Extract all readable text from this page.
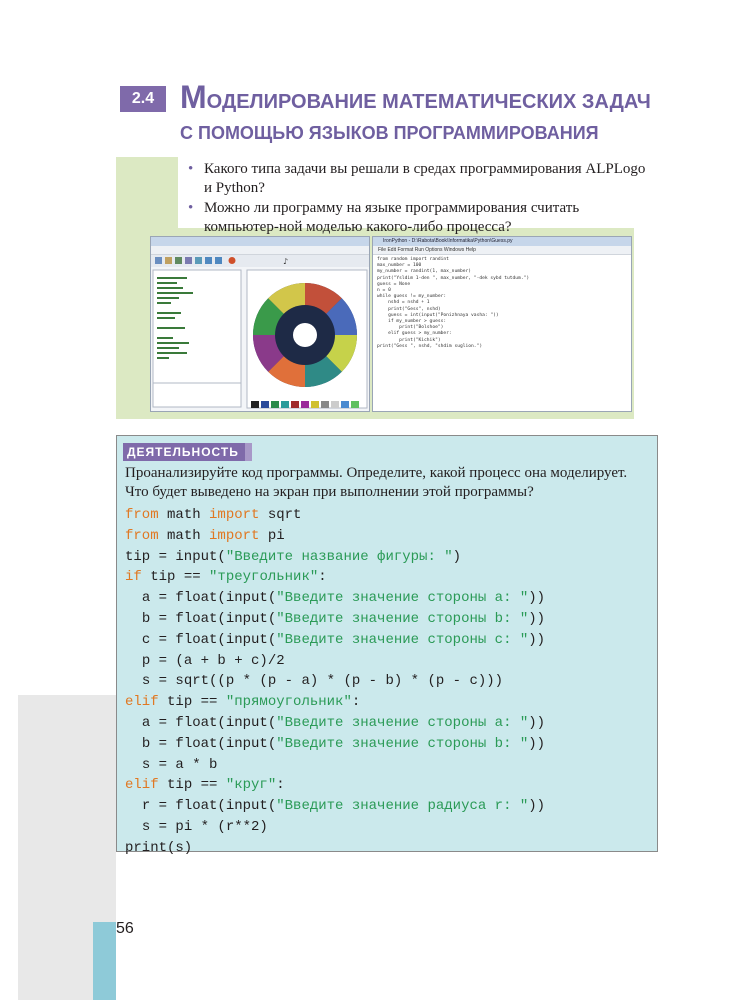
2.4 МОДЕЛИРОВАНИЕ МАТЕМАТИЧЕСКИХ ЗАДАЧ
С ПОМОЩЬЮ ЯЗЫКОВ ПРОГРАММИРОВАНИЯ
• Какого типа задачи вы решали в средах программирования ALPLogo и Python?
• Можно ли программу на языке программирования считать компьютер-ной моделью какого-либо процесса?
♪
IronPython - D:\Rabota\Book\Informatika\Python\Guess.py
File Edit Format Run Options Windows Help
from random import randint
max_number = 100
my_number = randint(1, max_number)
print("Ysldim 1-den ", max_number, "-dek sybd tutdum.")
guess = None
n = 0
while guess != my_number:
nshd = nshd + 1
print("Gess", nshd)
guess = int(input("Ponizhnaya vasha: "))
if my_number > guess:
print("Bolshoe")
elif guess > my_number:
print("Kichik")
print("Gess ", nshd, "shdim suglion.")
ДЕЯТЕЛЬНОСТЬ
Проанализируйте код программы. Определите, какой процесс она моделирует. Что будет выведено на экран при выполнении этой программы?
from math import sqrt
from math import pi
tip = input("Введите название фигуры: ")
if tip == "треугольник":
a = float(input("Введите значение стороны a: "))
b = float(input("Введите значение стороны b: "))
c = float(input("Введите значение стороны c: "))
p = (a + b + c)/2
s = sqrt((p * (p - a) * (p - b) * (p - c)))
elif tip == "прямоугольник":
a = float(input("Введите значение стороны a: "))
b = float(input("Введите значение стороны b: "))
s = a * b
elif tip == "круг":
r = float(input("Введите значение радиуса r: "))
s = pi * (r**2)
print(s)
56
